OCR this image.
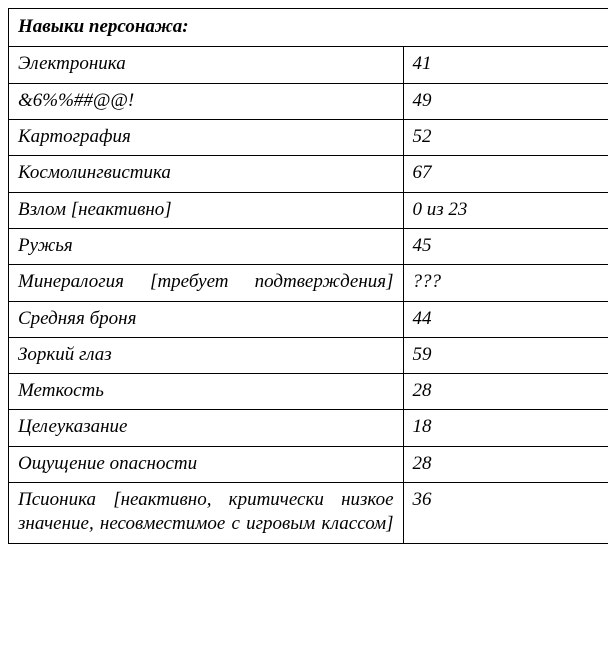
Навыки персонажа:	
Электроника	41
&6%%##@@!	49
Картография	52
Космолингвистика	67
Взлом [неактивно]	0 из 23
Ружья	45
Минералогия [требует подтверждения]	???
Средняя броня	44
Зоркий глаз	59
Меткость	28
Целеуказание	18
Ощущение опасности	28
Псионика [неактивно, критически низкое значение, несовместимое с игровым классом]	36
